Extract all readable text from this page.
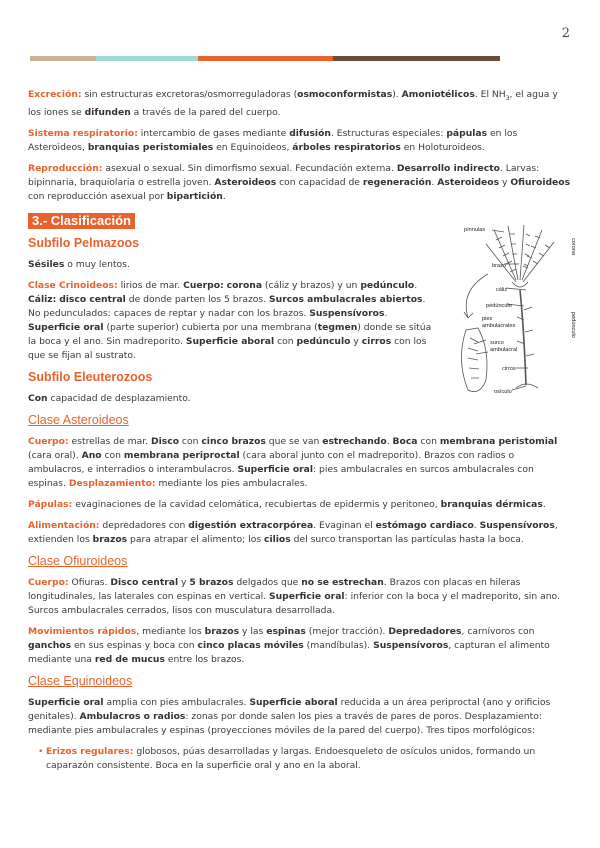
2

Excreción: sin estructuras excretoras/osmorreguladoras (osmoconformistas). Amoniotélicos. El $NH_3$, el agua y los iones se difunden a través de la pared del cuerpo.

Sistema respiratorio: intercambio de gases mediante difusión. Estructuras especiales: pápulas en los Asteroideos, branquias peristomiales en Equinoideos, árboles respiratorios en Holoturoideos.

Reproducción: asexual o sexual. Sin dimorfismo sexual. Fecundación externa. Desarrollo indirecto. Larvas: bipinnaria, braquiolaria o estrella joven. Asteroideos con capacidad de regeneración. Asteroideos y Ofiuroideos con reproducción asexual por bipartición.

3.- Clasificación
Subfilo Pelmazoos

Sésiles o muy lentos.

Clase Crinoideos: lirios de mar. Cuerpo: corona (cáliz y brazos) y un pedúnculo. Cáliz: disco central de donde parten los 5 brazos. Surcos ambulacrales abiertos. No pedunculados: capaces de reptar y nadar con los brazos. Suspensívoros. Superficie oral (parte superior) cubierta por una membrana (tegmen) donde se sitúa la boca y el ano. Sin madreporito. Superficie aboral con pedúnculo y cirros con los que se fijan al sustrato.

Subfilo Eleuterozoos

Con capacidad de desplazamiento.

Clase Asteroideos

Cuerpo: estrellas de mar. Disco con cinco brazos que se van estrechando. Boca con membrana peristomial (cara oral). Ano con membrana periproctal (cara aboral junto con el madreporito). Brazos con radios o ambulacros, e interradios o interambulacros. Superficie oral: pies ambulacrales en surcos ambulacrales con espinas. Desplazamiento: mediante los pies ambulacrales.

Pápulas: evaginaciones de la cavidad celomática, recubiertas de epidermis y peritoneo, branquias dérmicas.

Alimentación: depredadores con digestión extracorpórea. Evaginan el estómago cardiaco. Suspensívoros, extienden los brazos para atrapar el alimento; los cilios del surco transportan las partículas hasta la boca.

Clase Ofiuroideos

Cuerpo: Ofiuras. Disco central y 5 brazos delgados que no se estrechan. Brazos con placas en hileras longitudinales, las laterales con espinas en vertical. Superficie oral: inferior con la boca y el madreporito, sin ano. Surcos ambulacrales cerrados, lisos con musculatura desarrollada.

Movimientos rápidos, mediante los brazos y las espinas (mejor tracción). Depredadores, carnívoros con ganchos en sus espinas y boca con cinco placas móviles (mandíbulas). Suspensívoros, capturan el alimento mediante una red de mucus entre los brazos.

Clase Equinoideos

Superficie oral amplia con pies ambulacrales. Superficie aboral reducida a un área periproctal (ano y orificios genitales). Ambulacros o radios: zonas por donde salen los pies a través de pares de poros. Desplazamiento: mediante pies ambulacrales y espinas (proyecciones móviles de la pared del cuerpo). Tres tipos morfológicos:

• Erizos regulares: globosos, púas desarrolladas y largas. Endoesqueleto de osículos unidos, formando un caparazón consistente. Boca en la superficie oral y ano en la aboral.
pínnulas
corona
brazo
cáliz
pedúnculo
pies
ambulacrales
surco
ambulacral
cirros
osículo
pedúnculo
